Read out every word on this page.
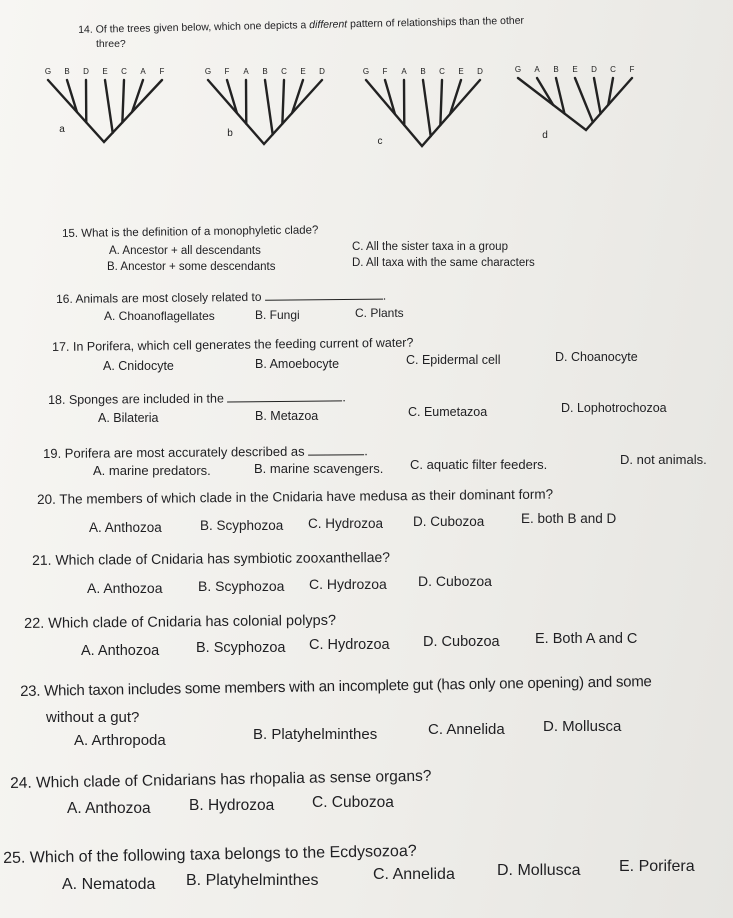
14. Of the trees given below, which one depicts a different pattern of relationships than the other
three?
G B D E C A F
a
G F A B C E D
b
G F A B C E D
c
G A B E D C F
d
15. What is the definition of a monophyletic clade?
A. Ancestor + all descendants	C. All the sister taxa in a group
B. Ancestor + some descendants	D. All taxa with the same characters
16. Animals are most closely related to	.
A. Choanoflagellates	B. Fungi	C. Plants
17. In Porifera, which cell generates the feeding current of water?
A. Cnidocyte	B. Amoebocyte	C. Epidermal cell	D. Choanocyte
18. Sponges are included in the	.
A. Bilateria	B. Metazoa	C. Eumetazoa	D. Lophotrochozoa
19. Porifera are most accurately described as	.
A. marine predators.	B. marine scavengers. C. aquatic filter feeders.	D. not animals.
20. The members of which clade in the Cnidaria have medusa as their dominant form?
A. Anthozoa	B. Scyphozoa C. Hydrozoa D. Cubozoa	E. both B and D
21. Which clade of Cnidaria has symbiotic zooxanthellae?
A. Anthozoa	B. Scyphozoa C. Hydrozoa D. Cubozoa
22. Which clade of Cnidaria has colonial polyps?
A. Anthozoa	B. Scyphozoa C. Hydrozoa D. Cubozoa E. Both A and C
23. Which taxon includes some members with an incomplete gut (has only one opening) and some
without a gut?
A. Arthropoda	B. Platyhelminthes	C. Annelida	D. Mollusca
24. Which clade of Cnidarians has rhopalia as sense organs?
A. Anthozoa B. Hydrozoa C. Cubozoa
25. Which of the following taxa belongs to the Ecdysozoa?
A. Nematoda B. Platyhelminthes	C. Annelida	D. Mollusca E. Porifera
